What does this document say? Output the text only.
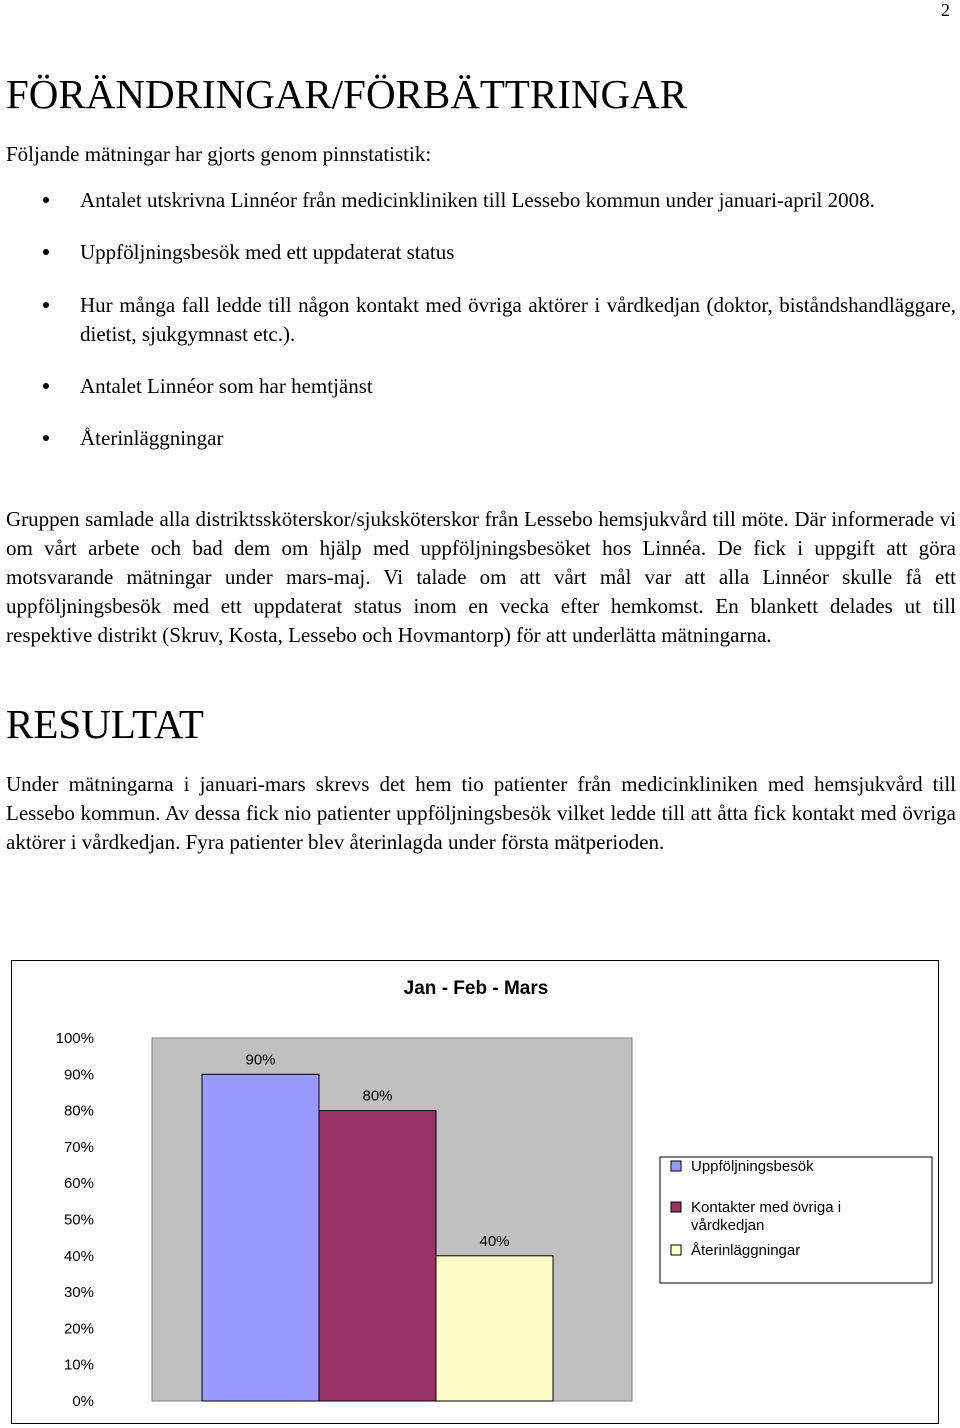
2
FÖRÄNDRINGAR/FÖRBÄTTRINGAR

Följande mätningar har gjorts genom pinnstatistik:

Antalet utskrivna Linnéor från medicinkliniken till Lessebo kommun under januari-april 2008.
Uppföljningsbesök med ett uppdaterat status
Hur många fall ledde till någon kontakt med övriga aktörer i vårdkedjan (doktor, biståndshandläggare, dietist, sjukgymnast etc.).
Antalet Linnéor som har hemtjänst
Återinläggningar

Gruppen samlade alla distriktssköterskor/sjuksköterskor från Lessebo hemsjukvård till möte. Där informerade vi om vårt arbete och bad dem om hjälp med uppföljningsbesöket hos Linnéa. De fick i uppgift att göra motsvarande mätningar under mars-maj. Vi talade om att vårt mål var att alla Linnéor skulle få ett uppföljningsbesök med ett uppdaterat status inom en vecka efter hemkomst. En blankett delades ut till respektive distrikt (Skruv, Kosta, Lessebo och Hovmantorp) för att underlätta mätningarna.

RESULTAT

Under mätningarna i januari-mars skrevs det hem tio patienter från medicinkliniken med hemsjukvård till Lessebo kommun. Av dessa fick nio patienter uppföljningsbesök vilket ledde till att åtta fick kontakt med övriga aktörer i vårdkedjan. Fyra patienter blev återinlagda under första mätperioden.

Jan - Feb - Mars
0%
10%
20%
30%
40%
50%
60%
70%
80%
90%
100%
90%
80%
40%
Uppföljningsbesök
Kontakter med övriga i vårdkedjan
Återinläggningar
